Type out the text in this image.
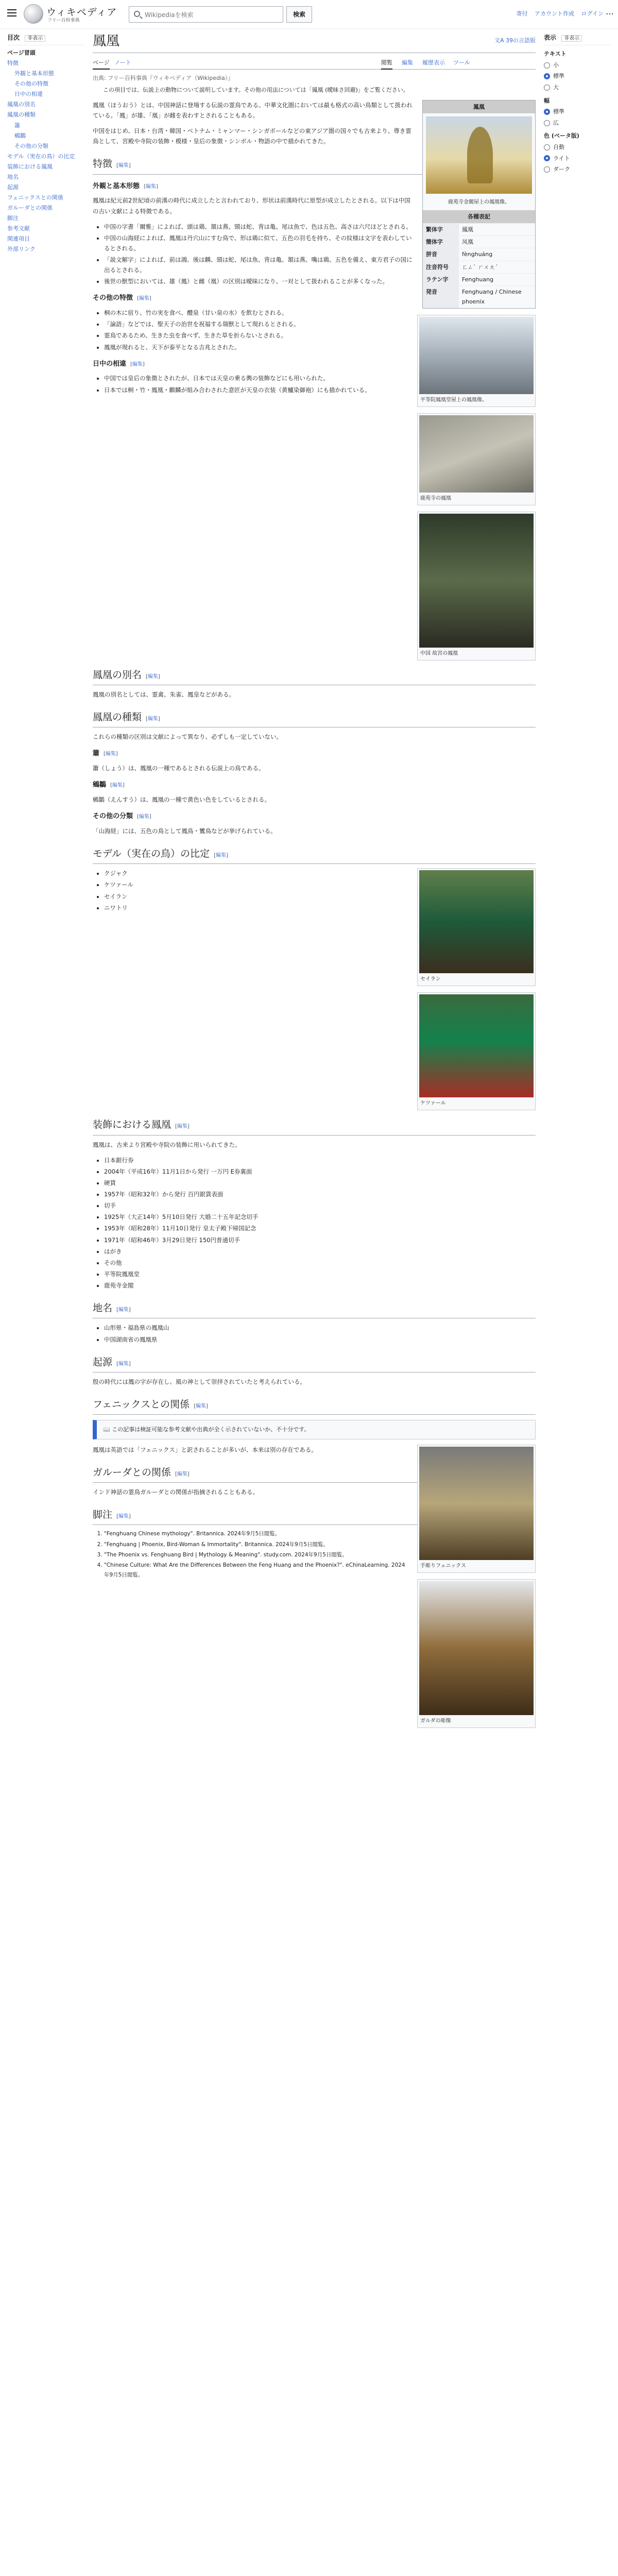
ウィキペディア
フリー百科事典
Wikipediaを検索
検索	寄付 アカウント作成 ログイン ⋯
目次 非表示
ページ冒頭
特徴
外観と基本形態
その他の特徴
日中の相違
鳳凰の別名
鳳凰の種類
簫
鵷鶵
その他の分類
モデル（実在の鳥）の比定
装飾における鳳凰
地名
起源
フェニックスとの関係
ガルーダとの関係
脚注
参考文献
関連項目
外部リンク
鳳凰	文A 39の言語版
ページ ノート	閲覧 編集 履歴表示 ツール
出典: フリー百科事典『ウィキペディア（Wikipedia）』
この項目では、伝説上の動物について説明しています。その他の用法については「鳳凰 (曖昧さ回避)」をご覧ください。
鳳凰
鹿苑寺金閣屋上の鳳凰像。
各種表記
繁体字	鳳凰
簡体字	凤凰
拼音	fènghuáng
注音符号	ㄈㄥˋ ㄏㄨㄤˊ
ラテン字	Fenghuang
発音	Fenghuang / Chinese phoenix

鳳凰（ほうおう）とは、中国神話に登場する伝説の霊鳥である。中華文化圏においては最も格式の高い鳥類として扱われている。「鳳」が雄、「凰」が雌を表わすとされることもある。

中国をはじめ、日本・台湾・韓国・ベトナム・ミャンマー・シンガポールなどの東アジア圏の国々でも古来より、尊き霊鳥として、宮殿や寺院の装飾・模様・皇后の象徴・シンボル・物語の中で描かれてきた。

特徴 [編集]
外観と基本形態 [編集]
平等院鳳凰堂屋上の鳳凰像。

鳳凰は紀元前2世紀頃の前漢の時代に成立したと言われており、形状は前漢時代に原型が成立したとされる。以下は中国の古い文献による特徴である。

• 中国の字書「爾雅」によれば、頭は鶏、頷は燕、頸は蛇、背は亀、尾は魚で、色は五色、高さは六尺ほどとされる。
• 中国の山海経によれば、鳳凰は丹穴山にすむ鳥で、形は鶏に似て、五色の羽毛を持ち、その紋様は文字を表わしているとされる。
• 「説文解字」によれば、前は鴻、後は麟、頸は蛇、尾は魚、背は亀、頷は燕、嘴は鶏、五色を備え、東方君子の国に出るとされる。
• 後世の獣型においては、雄（鳳）と雌（凰）の区別は曖昧になり、一対として扱われることが多くなった。
鹿苑寺の鳳凰
その他の特徴 [編集]
• 桐の木に宿り、竹の実を食べ、醴泉（甘い泉の水）を飲むとされる。
• 「論語」などでは、聖天子の治世を祝福する瑞獣として現れるとされる。
• 霊鳥であるため、生きた虫を食べず、生きた草を折らないとされる。
• 鳳凰が現れると、天下が泰平となる吉兆とされた。
中国 故宮の鳳凰
日中の相違 [編集]
• 中国では皇后の象徴とされたが、日本では天皇の乗る輿の装飾などにも用いられた。
• 日本では桐・竹・鳳凰・麒麟が組み合わされた意匠が天皇の衣装（黄櫨染御袍）にも描かれている。
鳳凰の別名 [編集]

鳳凰の別名としては、霊禽、朱雀、鳳皇などがある。

鳳凰の種類 [編集]

これらの種類の区別は文献によって異なり、必ずしも一定していない。

簫 [編集]

簫（しょう）は、鳳凰の一種であるとされる伝説上の鳥である。

鵷鶵 [編集]

鵷鶵（えんすう）は、鳳凰の一種で黄色い色をしているとされる。

その他の分類 [編集]

「山海経」には、五色の鳥として鳳鳥・鸞鳥などが挙げられている。

モデル（実在の鳥）の比定 [編集]
セイラン
ケツァール
• クジャク
• ケツァール
• セイラン
• ニワトリ
装飾における鳳凰 [編集]

鳳凰は、古来より宮殿や寺院の装飾に用いられてきた。

• 日本銀行券
• 2004年（平成16年）11月1日から発行 一万円 E券裏面
• 硬貨
• 1957年（昭和32年）から発行 百円銀貨表面
• 切手
• 1925年（大正14年）5月10日発行 大婚二十五年記念切手
• 1953年（昭和28年）11月10日発行 皇太子殿下帰国記念
• 1971年（昭和46年）3月29日発行 150円普通切手
• はがき
• その他
• 平等院鳳凰堂
• 鹿苑寺金閣
地名 [編集]
• 山形県・福島県の鳳凰山
• 中国湖南省の鳳凰県
起源 [編集]

殷の時代には鳳の字が存在し、風の神として崇拝されていたと考えられている。

フェニックスとの関係 [編集]
📖 この記事は検証可能な参考文献や出典が全く示されていないか、不十分です。
手彫りフェニックス

鳳凰は英語では「フェニックス」と訳されることが多いが、本来は別の存在である。

ガルーダとの関係 [編集]
ガルダの彫像

インド神話の霊鳥ガルーダとの関係が指摘されることもある。

脚注 [編集]
1. "Fenghuang Chinese mythology". Britannica. 2024年9月5日閲覧。
2. "Fenghuang | Phoenix, Bird-Woman & Immortality". Britannica. 2024年9月5日閲覧。
3. "The Phoenix vs. Fenghuang Bird | Mythology & Meaning". study.com. 2024年9月5日閲覧。
4. "Chinese Culture: What Are the Differences Between the Feng Huang and the Phoenix?". eChinaLearning. 2024年9月5日閲覧。
表示 非表示
テキスト
小
標準
大
幅
標準
広
色 (ベータ版)
自動
ライト
ダーク
